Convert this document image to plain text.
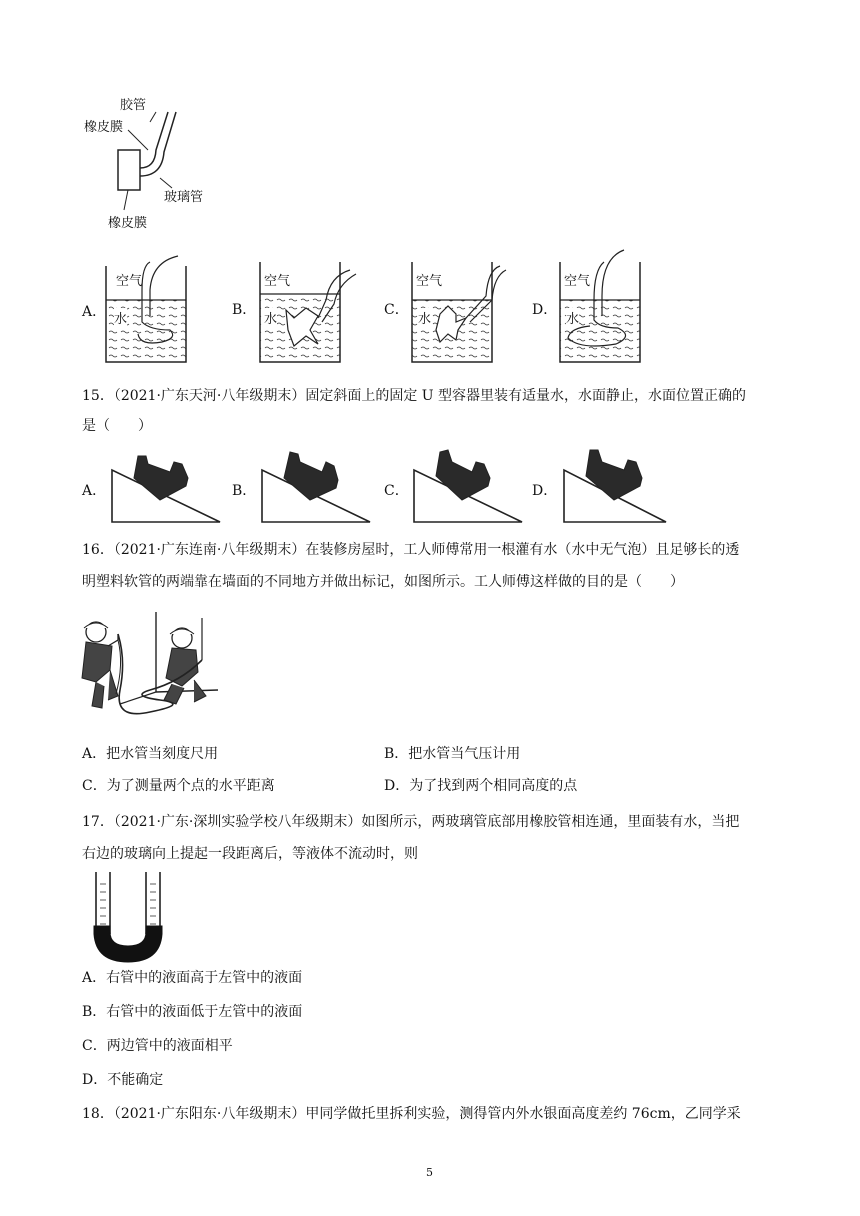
胶管
橡皮膜
玻璃管
橡皮膜
A．
空气
水
B．
空气
水
C．
空气
水
D．
空气
水
15．（2021·广东天河·八年级期末）固定斜面上的固定 U 型容器里装有适量水，水面静止，水面位置正确的
是（　　）
A．	B．	C．	D．
16．（2021·广东连南·八年级期末）在装修房屋时，工人师傅常用一根灌有水（水中无气泡）且足够长的透
明塑料软管的两端靠在墙面的不同地方并做出标记，如图所示。工人师傅这样做的目的是（　　）
A．把水管当刻度尺用	B．把水管当气压计用
C．为了测量两个点的水平距离	D．为了找到两个相同高度的点
17．（2021·广东·深圳实验学校八年级期末）如图所示，两玻璃管底部用橡胶管相连通，里面装有水，当把
右边的玻璃向上提起一段距离后，等液体不流动时，则
A．右管中的液面高于左管中的液面
B．右管中的液面低于左管中的液面
C．两边管中的液面相平
D．不能确定
18．（2021·广东阳东·八年级期末）甲同学做托里拆利实验，测得管内外水银面高度差约 76cm，乙同学采
5
